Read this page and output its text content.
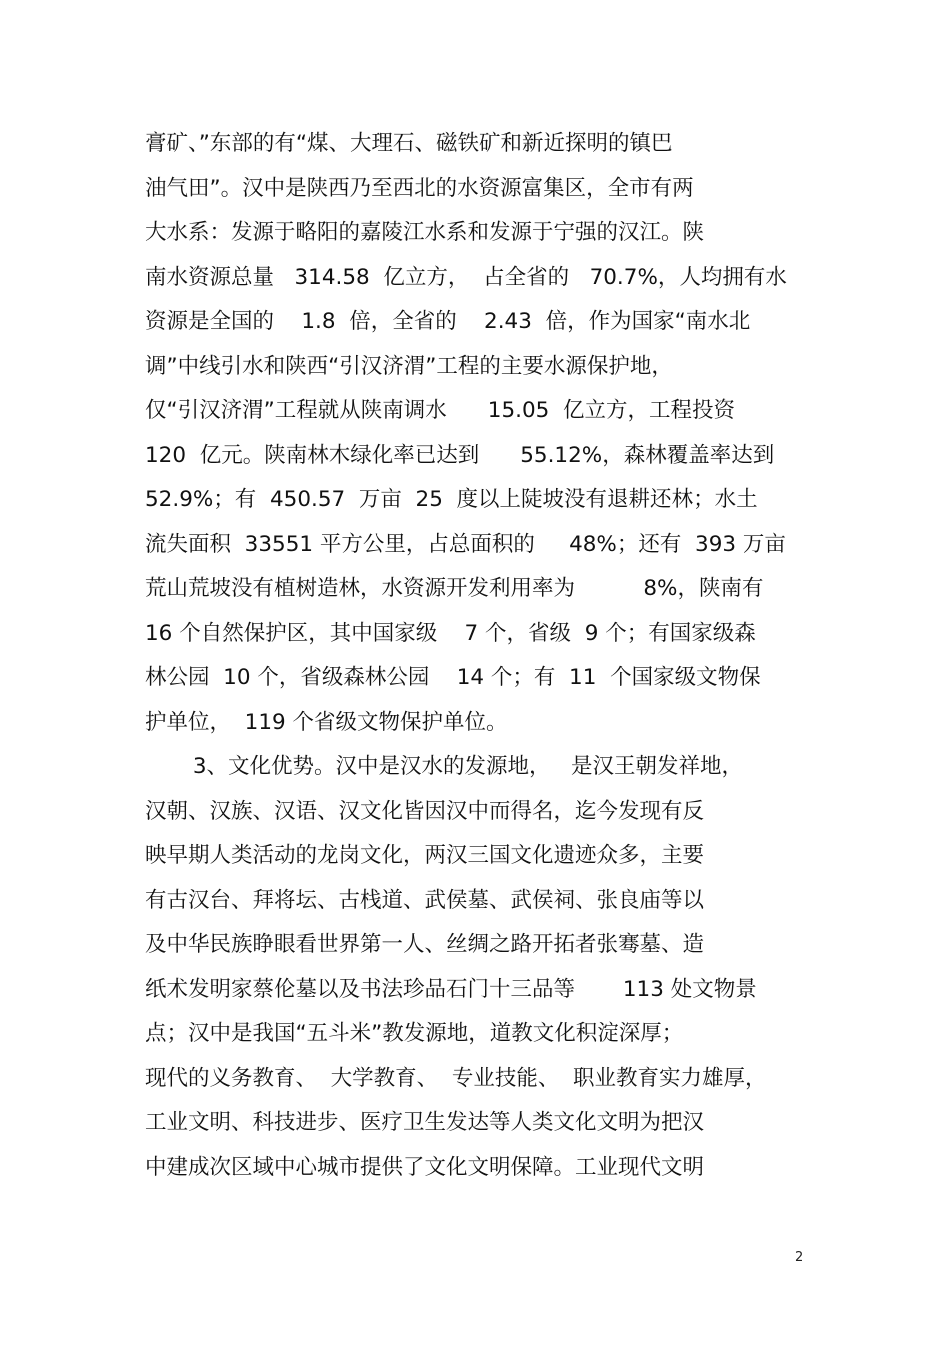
膏矿、”东部的有“煤、大理石、磁铁矿和新近探明的镇巴
油气田”。汉中是陕西乃至西北的水资源富集区，全市有两
大水系：发源于略阳的嘉陵江水系和发源于宁强的汉江。陕
南水资源总量   314.58  亿立方，  占全省的   70.7%，人均拥有水
资源是全国的    1.8  倍，全省的    2.43  倍，作为国家“南水北
调”中线引水和陕西“引汉济渭”工程的主要水源保护地，
仅“引汉济渭”工程就从陕南调水      15.05  亿立方，工程投资
120  亿元。陕南林木绿化率已达到      55.12%，森林覆盖率达到
52.9%；有  450.57  万亩  25  度以上陡坡没有退耕还林；水土
流失面积  33551 平方公里，占总面积的     48%；还有  393 万亩
荒山荒坡没有植树造林，水资源开发利用率为          8%，陕南有
16 个自然保护区，其中国家级    7 个，省级  9 个；有国家级森
林公园  10 个，省级森林公园    14 个；有  11  个国家级文物保
护单位，  119 个省级文物保护单位。
3、文化优势。汉中是汉水的发源地，   是汉王朝发祥地，
汉朝、汉族、汉语、汉文化皆因汉中而得名，迄今发现有反
映早期人类活动的龙岗文化，两汉三国文化遗迹众多，主要
有古汉台、拜将坛、古栈道、武侯墓、武侯祠、张良庙等以
及中华民族睁眼看世界第一人、丝绸之路开拓者张骞墓、造
纸术发明家蔡伦墓以及书法珍品石门十三品等       113 处文物景
点；汉中是我国“五斗米”教发源地，道教文化积淀深厚；
现代的义务教育、  大学教育、  专业技能、  职业教育实力雄厚，
工业文明、科技进步、医疗卫生发达等人类文化文明为把汉
中建成次区域中心城市提供了文化文明保障。工业现代文明
2
